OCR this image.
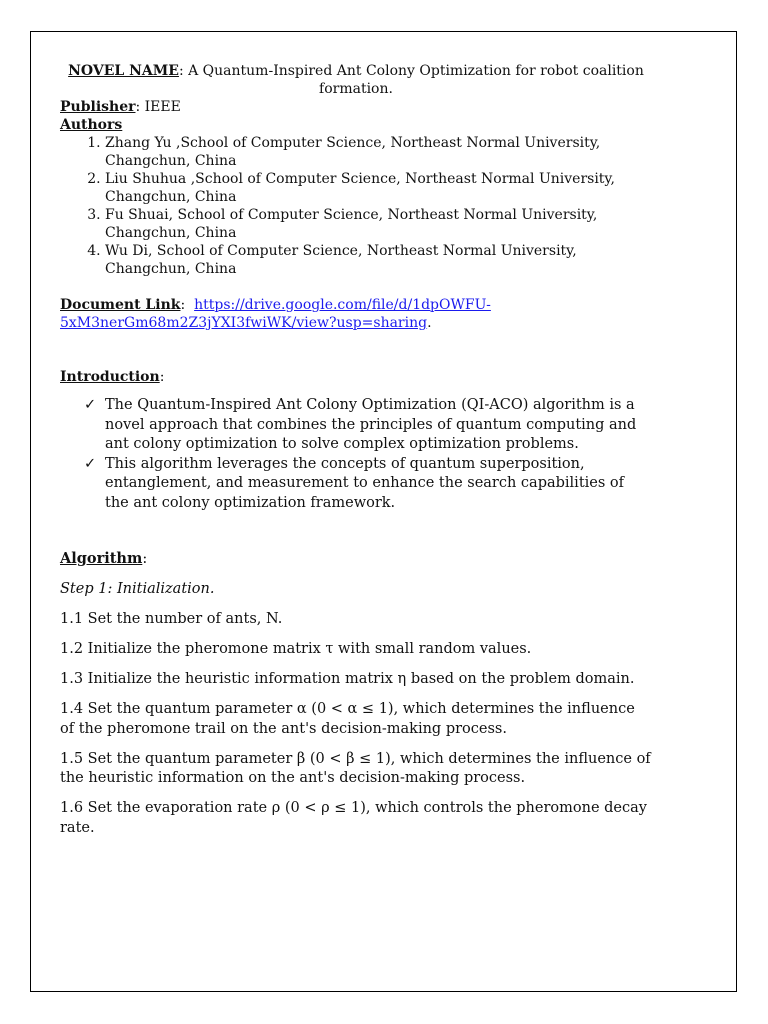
NOVEL NAME: A Quantum-Inspired Ant Colony Optimization for robot coalition formation.

Publisher: IEEE

Authors

1. Zhang Yu ,School of Computer Science, Northeast Normal University, Changchun, China
2. Liu Shuhua ,School of Computer Science, Northeast Normal University, Changchun, China
3. Fu Shuai, School of Computer Science, Northeast Normal University, Changchun, China
4. Wu Di, School of Computer Science, Northeast Normal University, Changchun, China

Document Link:  https://drive.google.com/file/d/1dpOWFU-5xM3nerGm68m2Z3jYXI3fwiWK/view?usp=sharing.

Introduction:

✓ The Quantum-Inspired Ant Colony Optimization (QI-ACO) algorithm is a novel approach that combines the principles of quantum computing and ant colony optimization to solve complex optimization problems.
✓ This algorithm leverages the concepts of quantum superposition, entanglement, and measurement to enhance the search capabilities of the ant colony optimization framework.

Algorithm:

Step 1: Initialization.

1.1 Set the number of ants, N.

1.2 Initialize the pheromone matrix τ with small random values.

1.3 Initialize the heuristic information matrix η based on the problem domain.

1.4 Set the quantum parameter α (0 < α ≤ 1), which determines the influence of the pheromone trail on the ant's decision-making process.

1.5 Set the quantum parameter β (0 < β ≤ 1), which determines the influence of the heuristic information on the ant's decision-making process.

1.6 Set the evaporation rate ρ (0 < ρ ≤ 1), which controls the pheromone decay rate.
